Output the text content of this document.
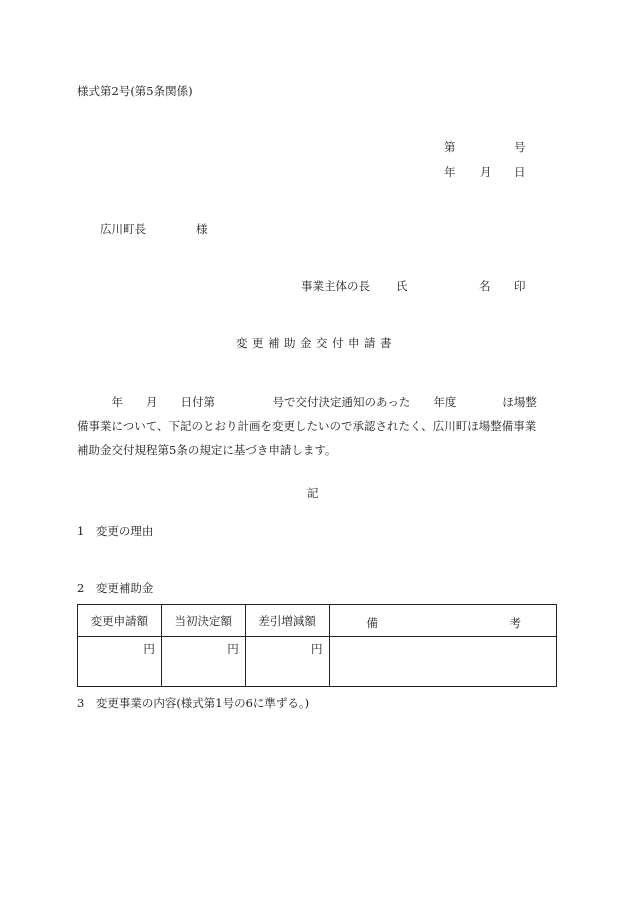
様式第2号(第5条関係)
第	号
年 月 日
広川町長	様
事業主体の長 氏	名 印
変更補助金交付申請書
　　　年　　月　　日付第　　　　　号で交付決定通知のあった　　年度　　　　ほ場整
備事業について、下記のとおり計画を変更したいので承認されたく、広川町ほ場整備事業
補助金交付規程第5条の規定に基づき申請します。
記
1　変更の理由
2　変更補助金
変更申請額	当初決定額	差引増減額	備 考

円	円	円	
3　変更事業の内容(様式第1号の6に準ずる。)
